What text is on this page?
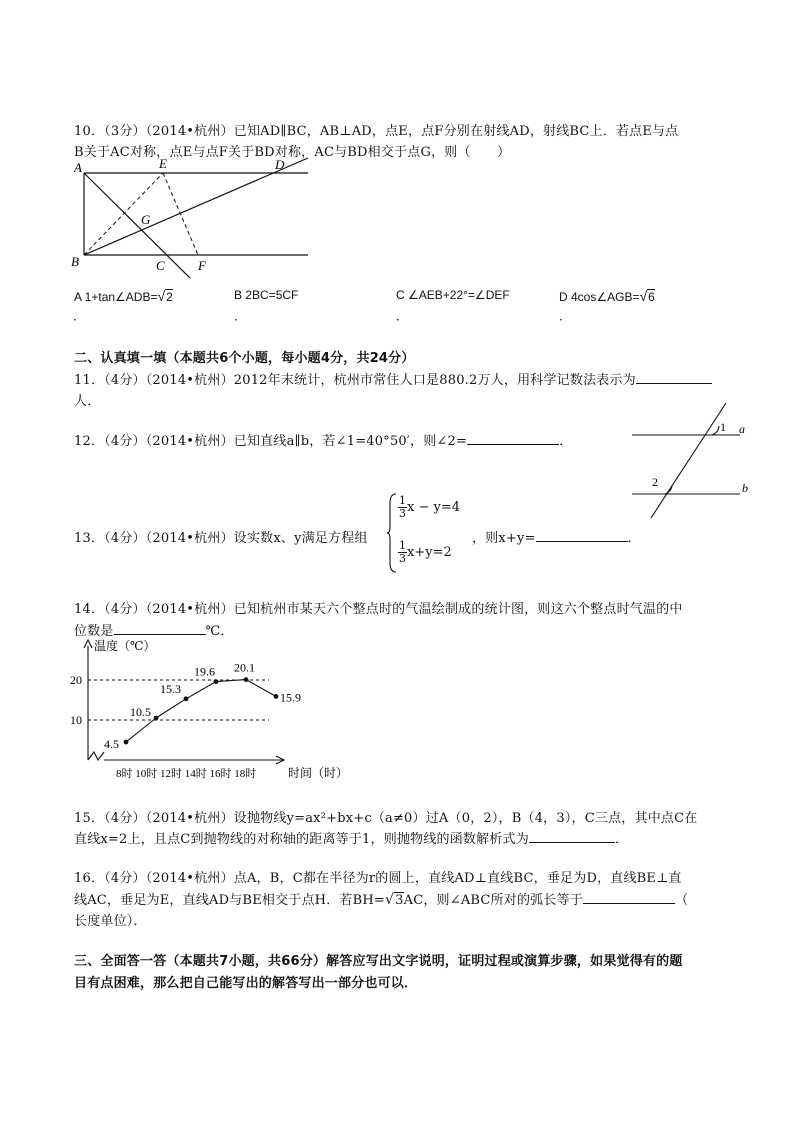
10．（3分）（2014•杭州）已知AD∥BC，AB⊥AD，点E，点F分别在射线AD，射线BC上．若点E与点
B关于AC对称，点E与点F关于BD对称，AC与BD相交于点G，则（　　）
A	E	D
G
B	C	F
A 1+tan∠ADB=√2	B 2BC=5CF	C ∠AEB+22°=∠DEF	D 4cos∠AGB=√6
．	．	．	．
二、认真填一填（本题共6个小题，每小题4分，共24分）
11．（4分）（2014•杭州）2012年末统计，杭州市常住人口是880.2万人，用科学记数法表示为
人．
12．（4分）（2014•杭州）已知直线a∥b，若∠1=40°50′，则∠2=	．
1 a
2	b
13．（4分）（2014•杭州）设实数x、y满足方程组
$\frac{1}{3}$ x − y=4
$\frac{1}{3} x+y=2$
，则x+y=	．
14．（4分）（2014•杭州）已知杭州市某天六个整点时的气温绘制成的统计图，则这六个整点时气温的中
位数是	℃．
温度（℃）
时间（时）
8时 10时 12时 14时 16时 18时
10
20
4.5
10.5
15.3
19.6 20.1
15.9
15．（4分）（2014•杭州）设抛物线y=ax²+bx+c（a≠0）过A（0，2），B（4，3），C三点，其中点C在
直线x=2上，且点C到抛物线的对称轴的距离等于1，则抛物线的函数解析式为	．
16．（4分）（2014•杭州）点A，B，C都在半径为r的圆上，直线AD⊥直线BC，垂足为D，直线BE⊥直
线AC，垂足为E，直线AD与BE相交于点H．若BH=√3AC，则∠ABC所对的弧长等于	（
长度单位）．
三、全面答一答（本题共7小题，共66分）解答应写出文字说明，证明过程或演算步骤，如果觉得有的题
目有点困难，那么把自己能写出的解答写出一部分也可以．
